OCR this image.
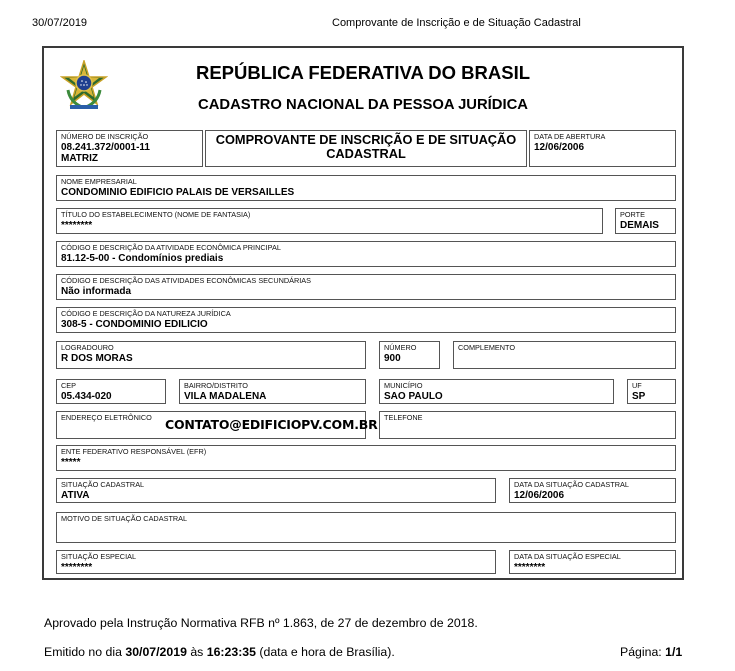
30/07/2019	Comprovante de Inscrição e de Situação Cadastral
REPÚBLICA FEDERATIVA DO BRASIL
CADASTRO NACIONAL DA PESSOA JURÍDICA
NÚMERO DE INSCRIÇÃO
08.241.372/0001-11
MATRIZ
COMPROVANTE DE INSCRIÇÃO E DE SITUAÇÃO CADASTRAL
DATA DE ABERTURA
12/06/2006
NOME EMPRESARIAL
CONDOMINIO EDIFICIO PALAIS DE VERSAILLES
TÍTULO DO ESTABELECIMENTO (NOME DE FANTASIA)
********
PORTE
DEMAIS
CÓDIGO E DESCRIÇÃO DA ATIVIDADE ECONÔMICA PRINCIPAL
81.12-5-00 - Condomínios prediais
CÓDIGO E DESCRIÇÃO DAS ATIVIDADES ECONÔMICAS SECUNDÁRIAS
Não informada
CÓDIGO E DESCRIÇÃO DA NATUREZA JURÍDICA
308-5 - CONDOMINIO EDILICIO
LOGRADOURO
R DOS MORAS
NÚMERO
900
COMPLEMENTO
CEP
05.434-020
BAIRRO/DISTRITO
VILA MADALENA
MUNICÍPIO
SAO PAULO
UF
SP
ENDEREÇO ELETRÔNICO CONTATO@EDIFICIOPV.COM.BR TELEFONE
ENTE FEDERATIVO RESPONSÁVEL (EFR)
*****
SITUAÇÃO CADASTRAL
ATIVA
DATA DA SITUAÇÃO CADASTRAL
12/06/2006
MOTIVO DE SITUAÇÃO CADASTRAL
SITUAÇÃO ESPECIAL
********
DATA DA SITUAÇÃO ESPECIAL
********
Aprovado pela Instrução Normativa RFB nº 1.863, de 27 de dezembro de 2018.
Emitido no dia 30/07/2019 às 16:23:35 (data e hora de Brasília).	Página: 1/1
